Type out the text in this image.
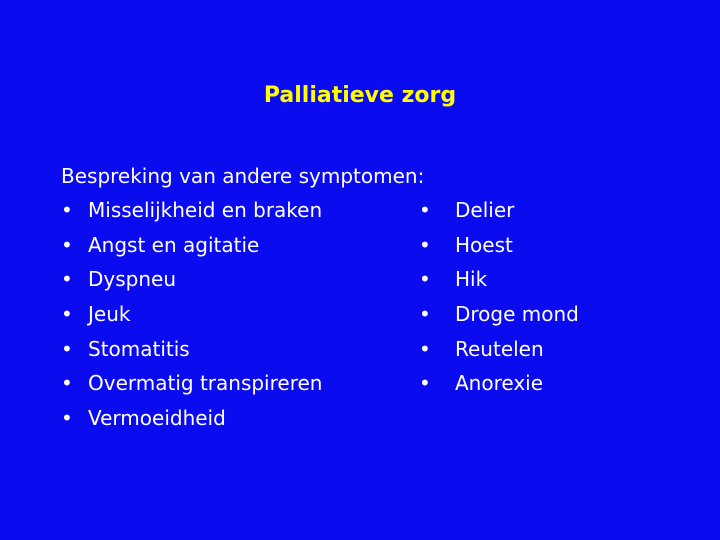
Palliatieve zorg
Bespreking van andere symptomen:
• Misselijkheid en braken
• Angst en agitatie
• Dyspneu
• Jeuk
• Stomatitis
• Overmatig transpireren
• Vermoeidheid
• Delier
• Hoest
• Hik
• Droge mond
• Reutelen
• Anorexie
